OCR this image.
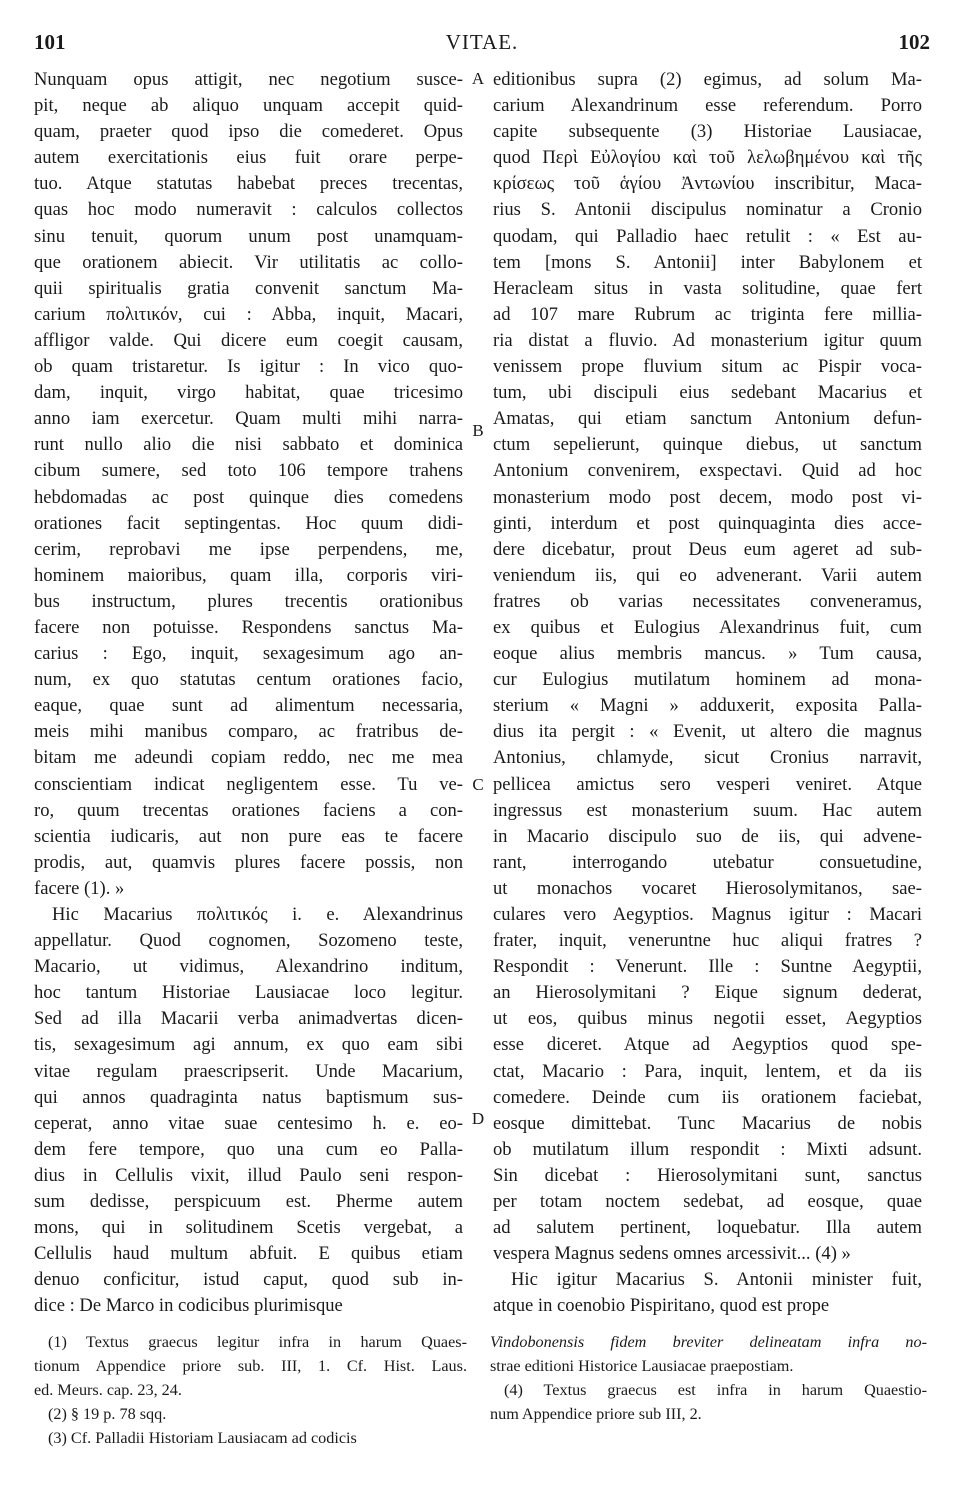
101	VITAE.	102
Nunquam opus attigit, nec negotium susce-
pit, neque ab aliquo unquam accepit quid-
quam, praeter quod ipso die comederet. Opus
autem exercitationis eius fuit orare perpe-
tuo. Atque statutas habebat preces trecentas,
quas hoc modo numeravit : calculos collectos
sinu tenuit, quorum unum post unamquam-
que orationem abiecit. Vir utilitatis ac collo-
quii spiritualis gratia convenit sanctum Ma-
carium πολιτικόν, cui : Abba, inquit, Macari,
affligor valde. Qui dicere eum coegit causam,
ob quam tristaretur. Is igitur : In vico quo-
dam, inquit, virgo habitat, quae tricesimo
anno iam exercetur. Quam multi mihi narra-
runt nullo alio die nisi sabbato et dominica
cibum sumere, sed toto 106 tempore trahens
hebdomadas ac post quinque dies comedens
orationes facit septingentas. Hoc quum didi-
cerim, reprobavi me ipse perpendens, me,
hominem maioribus, quam illa, corporis viri-
bus instructum, plures trecentis orationibus
facere non potuisse. Respondens sanctus Ma-
carius : Ego, inquit, sexagesimum ago an-
num, ex quo statutas centum orationes facio,
eaque, quae sunt ad alimentum necessaria,
meis mihi manibus comparo, ac fratribus de-
bitam me adeundi copiam reddo, nec me mea
conscientiam indicat negligentem esse. Tu ve-
ro, quum trecentas orationes faciens a con-
scientia iudicaris, aut non pure eas te facere
prodis, aut, quamvis plures facere possis, non
facere (1). »
Hic Macarius πολιτικός i. e. Alexandrinus
appellatur. Quod cognomen, Sozomeno teste,
Macario, ut vidimus, Alexandrino inditum,
hoc tantum Historiae Lausiacae loco legitur.
Sed ad illa Macarii verba animadvertas dicen-
tis, sexagesimum agi annum, ex quo eam sibi
vitae regulam praescripserit. Unde Macarium,
qui annos quadraginta natus baptismum sus-
ceperat, anno vitae suae centesimo h. e. eo-
dem fere tempore, quo una cum eo Palla-
dius in Cellulis vixit, illud Paulo seni respon-
sum dedisse, perspicuum est. Pherme autem
mons, qui in solitudinem Scetis vergebat, a
Cellulis haud multum abfuit. E quibus etiam
denuo conficitur, istud caput, quod sub in-
dice : De Marco in codicibus plurimisque
editionibus supra (2) egimus, ad solum Ma-
carium Alexandrinum esse referendum. Porro
capite subsequente (3) Historiae Lausiacae,
quod Περὶ Εὐλογίου καὶ τοῦ λελωβημένου καὶ τῆς
κρίσεως τοῦ ἁγίου Ἀντωνίου inscribitur, Maca-
rius S. Antonii discipulus nominatur a Cronio
quodam, qui Palladio haec retulit : « Est au-
tem [mons S. Antonii] inter Babylonem et
Heracleam situs in vasta solitudine, quae fert
ad 107 mare Rubrum ac triginta fere millia-
ria distat a fluvio. Ad monasterium igitur quum
venissem prope fluvium situm ac Pispir voca-
tum, ubi discipuli eius sedebant Macarius et
Amatas, qui etiam sanctum Antonium defun-
ctum sepelierunt, quinque diebus, ut sanctum
Antonium convenirem, exspectavi. Quid ad hoc
monasterium modo post decem, modo post vi-
ginti, interdum et post quinquaginta dies acce-
dere dicebatur, prout Deus eum ageret ad sub-
veniendum iis, qui eo advenerant. Varii autem
fratres ob varias necessitates conveneramus,
ex quibus et Eulogius Alexandrinus fuit, cum
eoque alius membris mancus. » Tum causa,
cur Eulogius mutilatum hominem ad mona-
sterium « Magni » adduxerit, exposita Palla-
dius ita pergit : « Evenit, ut altero die magnus
Antonius, chlamyde, sicut Cronius narravit,
pellicea amictus sero vesperi veniret. Atque
ingressus est monasterium suum. Hac autem
in Macario discipulo suo de iis, qui advene-
rant, interrogando utebatur consuetudine,
ut monachos vocaret Hierosolymitanos, sae-
culares vero Aegyptios. Magnus igitur : Macari
frater, inquit, veneruntne huc aliqui fratres ?
Respondit : Venerunt. Ille : Suntne Aegyptii,
an Hierosolymitani ? Eique signum dederat,
ut eos, quibus minus negotii esset, Aegyptios
esse diceret. Atque ad Aegyptios quod spe-
ctat, Macario : Para, inquit, lentem, et da iis
comedere. Deinde cum iis orationem faciebat,
eosque dimittebat. Tunc Macarius de nobis
ob mutilatum illum respondit : Mixti adsunt.
Sin dicebat : Hierosolymitani sunt, sanctus
per totam noctem sedebat, ad eosque, quae
ad salutem pertinent, loquebatur. Illa autem
vespera Magnus sedens omnes arcessivit... (4) »
Hic igitur Macarius S. Antonii minister fuit,
atque in coenobio Pispiritano, quod est prope
A
B
C
D
(1) Textus graecus legitur infra in harum Quaes-
tionum Appendice priore sub. III, 1. Cf. Hist. Laus.
ed. Meurs. cap. 23, 24.
(2) § 19 p. 78 sqq.
(3) Cf. Palladii Historiam Lausiacam ad codicis
Vindobonensis fidem breviter delineatam infra no-
strae editioni Historice Lausiacae praepostiam.
(4) Textus graecus est infra in harum Quaestio-
num Appendice priore sub III, 2.
